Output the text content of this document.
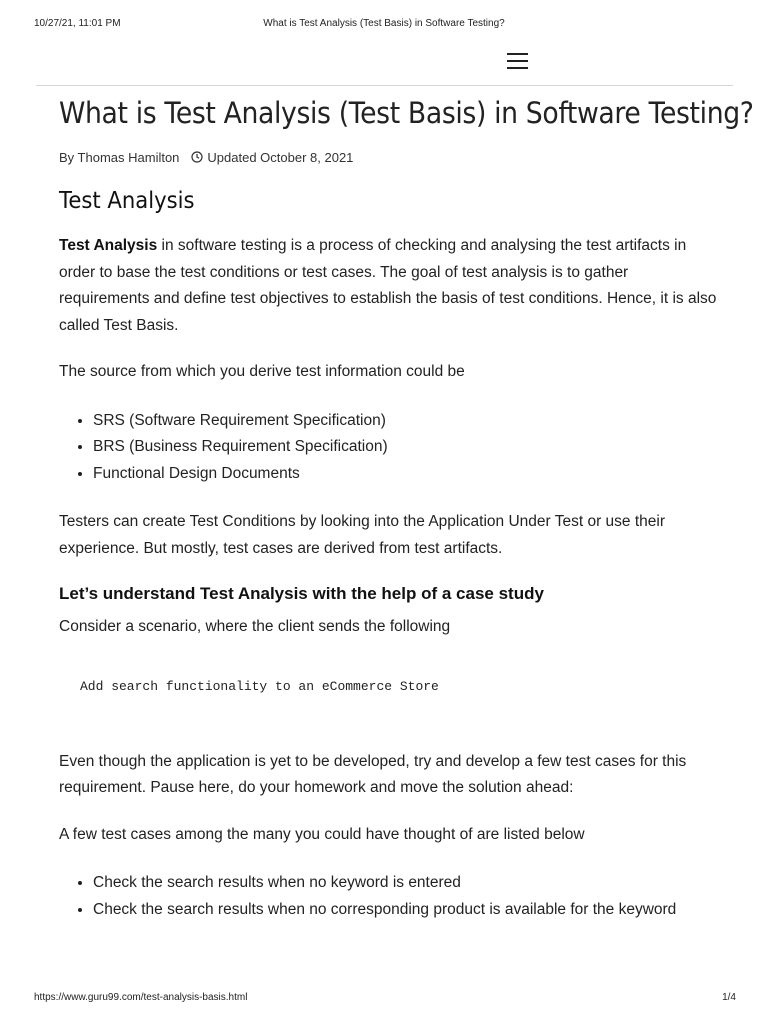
10/27/21, 11:01 PM	What is Test Analysis (Test Basis) in Software Testing?
What is Test Analysis (Test Basis) in Software Testing?
By Thomas Hamilton Updated October 8, 2021
Test Analysis

Test Analysis in software testing is a process of checking and analysing the test artifacts in order to base the test conditions or test cases. The goal of test analysis is to gather requirements and define test objectives to establish the basis of test conditions. Hence, it is also called Test Basis.

The source from which you derive test information could be

• SRS (Software Requirement Specification)
• BRS (Business Requirement Specification)
• Functional Design Documents

Testers can create Test Conditions by looking into the Application Under Test or use their experience. But mostly, test cases are derived from test artifacts.

Let’s understand Test Analysis with the help of a case study

Consider a scenario, where the client sends the following

Add search functionality to an eCommerce Store

Even though the application is yet to be developed, try and develop a few test cases for this requirement. Pause here, do your homework and move the solution ahead:

A few test cases among the many you could have thought of are listed below

• Check the search results when no keyword is entered
• Check the search results when no corresponding product is available for the keyword
https://www.guru99.com/test-analysis-basis.html	1/4
